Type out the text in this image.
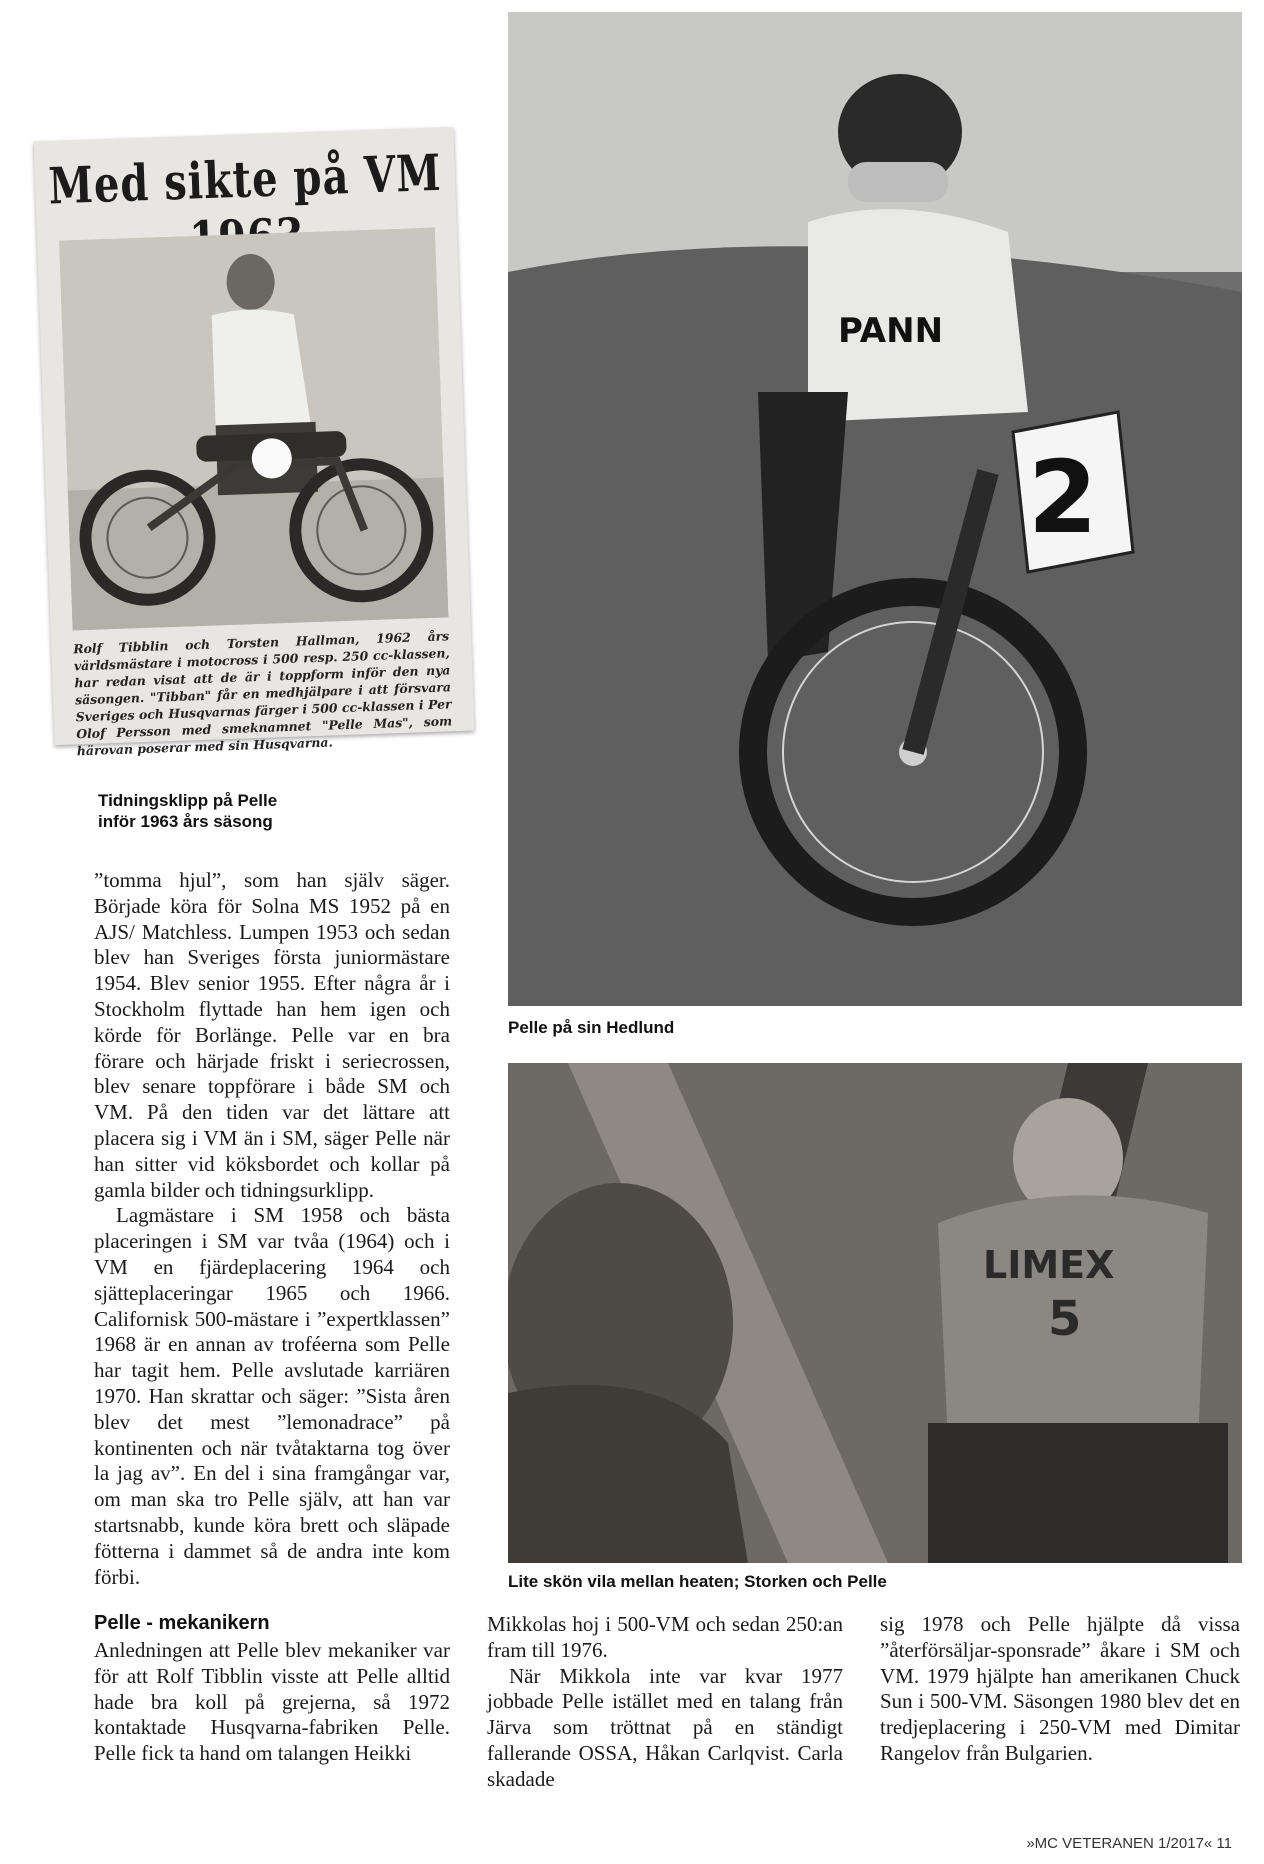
Med sikte på VM
Rolf Tibblin och Torsten Hallman, 1962 års världsmästare i motocross i 500 resp. 250 cc-klassen, har redan visat att de är i toppform inför den nya säsongen. "Tibban" får en medhjälpare i att försvara Sveriges och Husqvarnas färger i 500 cc-klassen i Per Olof Persson med smeknamnet "Pelle Mas", som härovan poserar med sin Husqvarna.
Tidningsklipp på Pelle
inför 1963 års säsong
PANN
2
Pelle på sin Hedlund
LIMEX
5
Lite skön vila mellan heaten; Storken och Pelle

”tomma hjul”, som han själv säger. Började köra för Solna MS 1952 på en AJS/ Matchless. Lumpen 1953 och sedan blev han Sveriges första juniormästare 1954. Blev senior 1955. Efter några år i Stockholm flyttade han hem igen och körde för Borlänge. Pelle var en bra förare och härjade friskt i seriecrossen, blev senare toppförare i både SM och VM. På den tiden var det lättare att placera sig i VM än i SM, säger Pelle när han sitter vid köksbordet och kollar på gamla bilder och tidningsurklipp.

Lagmästare i SM 1958 och bästa placeringen i SM var tvåa (1964) och i VM en fjärdeplacering 1964 och sjätteplaceringar 1965 och 1966. Californisk 500-mästare i ”expertklassen” 1968 är en annan av troféerna som Pelle har tagit hem. Pelle avslutade karriären 1970. Han skrattar och säger: ”Sista åren blev det mest ”lemonadrace” på kontinenten och när tvåtaktarna tog över la jag av”. En del i sina framgångar var, om man ska tro Pelle själv, att han var startsnabb, kunde köra brett och släpade fötterna i dammet så de andra inte kom förbi.

Pelle - mekanikern

Anledningen att Pelle blev mekaniker var för att Rolf Tibblin visste att Pelle alltid hade bra koll på grejerna, så 1972 kontaktade Husqvarna-fabriken Pelle. Pelle fick ta hand om talangen Heikki

Mikkolas hoj i 500-VM och sedan 250:an fram till 1976.

När Mikkola inte var kvar 1977 jobbade Pelle istället med en talang från Järva som tröttnat på en ständigt fallerande OSSA, Håkan Carlqvist. Carla skadade

sig 1978 och Pelle hjälpte då vissa ”återförsäljar-sponsrade” åkare i SM och VM. 1979 hjälpte han amerikanen Chuck Sun i 500-VM. Säsongen 1980 blev det en tredjeplacering i 250-VM med Dimitar Rangelov från Bulgarien.

»MC VETERANEN 1/2017« 11
